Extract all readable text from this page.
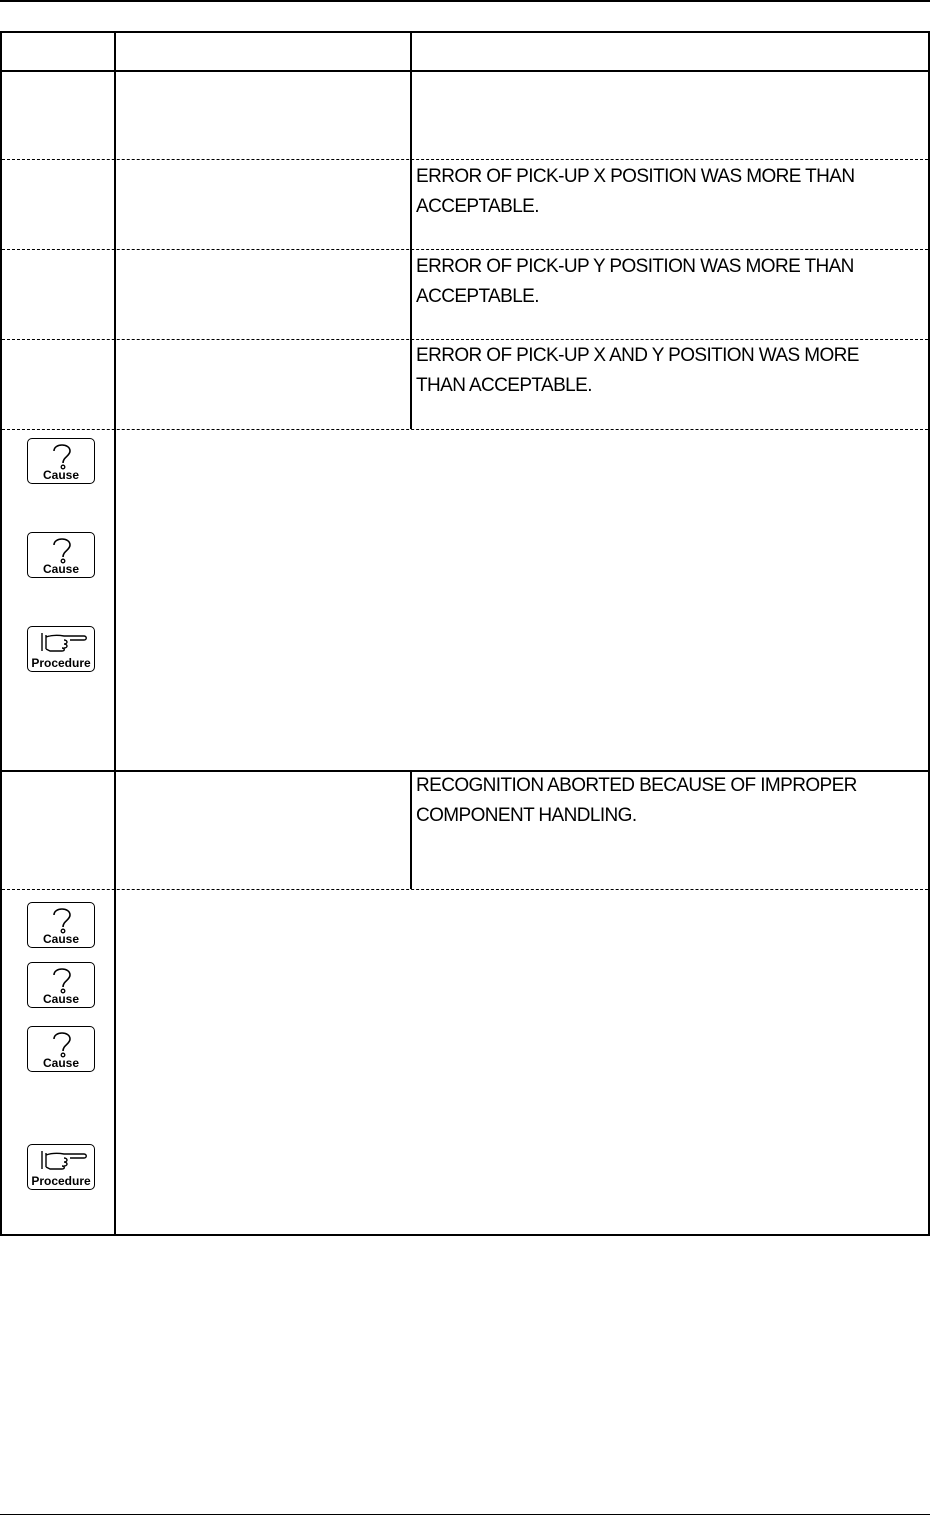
ERROR OF PICK-UP X POSITION WAS MORE THAN
ACCEPTABLE.
ERROR OF PICK-UP Y POSITION WAS MORE THAN
ACCEPTABLE.
ERROR OF PICK-UP X AND Y POSITION WAS MORE
THAN ACCEPTABLE.
RECOGNITION ABORTED BECAUSE OF IMPROPER
COMPONENT HANDLING.
Cause
Cause
Procedure
Cause
Cause
Cause
Procedure
